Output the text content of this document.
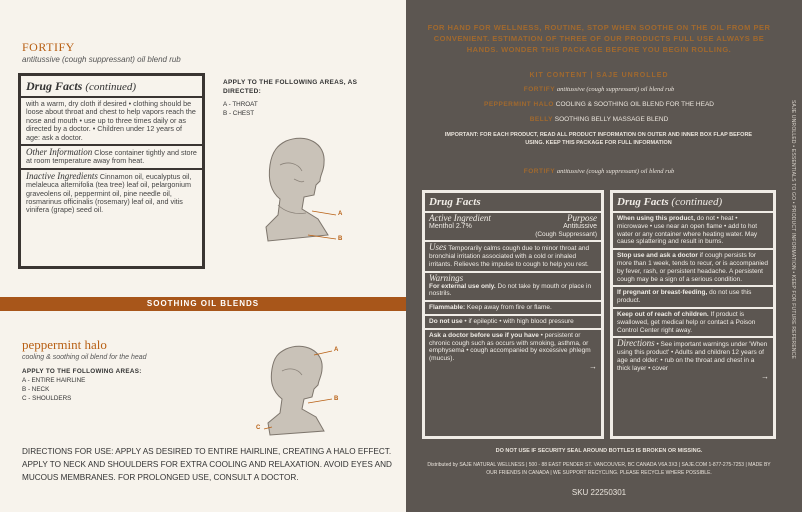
FORTIFY
antitussive (cough suppressant) oil blend rub
Drug Facts (continued)
with a warm, dry cloth if desired • clothing should be loose about throat and chest to help vapors reach the nose and mouth • use up to three times daily or as directed by a doctor. • Children under 12 years of age: ask a doctor.
Other Information Close container tightly and store at room temperature away from heat.
Inactive Ingredients Cinnamon oil, eucalyptus oil, melaleuca alternifolia (tea tree) leaf oil, pelargonium graveolens oil, peppermint oil, pine needle oil, rosmarinus officinalis (rosemary) leaf oil, and vitis vinifera (grape) seed oil.
APPLY TO THE FOLLOWING AREAS, AS DIRECTED:
A - THROAT
B - CHEST
A
B
SOOTHING OIL BLENDS
peppermint halo
cooling & soothing oil blend for the head
APPLY TO THE FOLLOWING AREAS:
A - ENTIRE HAIRLINE
B - NECK
C - SHOULDERS
A
B
C
DIRECTIONS FOR USE: APPLY AS DESIRED TO ENTIRE HAIRLINE, CREATING A HALO EFFECT. APPLY TO NECK AND SHOULDERS FOR EXTRA COOLING AND RELAXATION. AVOID EYES AND MUCOUS MEMBRANES. FOR PROLONGED USE, CONSULT A DOCTOR.
FOR HAND FOR WELLNESS, ROUTINE, STOP WHEN SOOTHE ON THE OIL FROM PER CONVENIENT. ESTIMATION OF THREE OF OUR PRODUCTS FULL USE ALWAYS BE HANDS. WONDER THIS PACKAGE BEFORE YOU BEGIN ROLLING.
KIT CONTENT | SAJE UNROLLED
FORTIFY antitussive (cough suppressant) oil blend rub
PEPPERMINT HALO COOLING & SOOTHING OIL BLEND FOR THE HEAD
BELLY SOOTHING BELLY MASSAGE BLEND
IMPORTANT: FOR EACH PRODUCT, READ ALL PRODUCT INFORMATION ON OUTER AND INNER BOX FLAP BEFORE USING. KEEP THIS PACKAGE FOR FULL INFORMATION
FORTIFY antitussive (cough suppressant) oil blend rub
Drug Facts
Active Ingredient	Purpose
Menthol 2.7%	Antitussive
(Cough Suppressant)
Uses Temporarily calms cough due to minor throat and bronchial irritation associated with a cold or inhaled irritants. Relieves the impulse to cough to help you rest.
Warnings
For external use only. Do not take by mouth or place in nostrils.
Flammable: Keep away from fire or flame.
Do not use • if epileptic • with high blood pressure
Ask a doctor before use if you have • persistent or chronic cough such as occurs with smoking, asthma, or emphysema • cough accompanied by excessive phlegm (mucus).
→
Drug Facts (continued)
When using this product, do not • heat • microwave • use near an open flame • add to hot water or any container where heating water. May cause splattering and result in burns.
Stop use and ask a doctor if cough persists for more than 1 week, tends to recur, or is accompanied by fever, rash, or persistent headache. A persistent cough may be a sign of a serious condition.
If pregnant or breast-feeding, do not use this product.
Keep out of reach of children. If product is swallowed, get medical help or contact a Poison Control Center right away.
Directions • See important warnings under 'When using this product' • Adults and children 12 years of age and older: • rub on the throat and chest in a thick layer • cover
→
DO NOT USE IF SECURITY SEAL AROUND BOTTLES IS BROKEN OR MISSING.
Distributed by SAJE NATURAL WELLNESS | 500 - 88 EAST PENDER ST. VANCOUVER, BC CANADA V6A 3X3 | SAJE.COM 1-877-275-7253 | MADE BY OUR FRIENDS IN CANADA | WE SUPPORT RECYCLING. PLEASE RECYCLE WHERE POSSIBLE.
SKU 22250301
SAJE UNROLLED • ESSENTIALS TO GO • PRODUCT INFORMATION • KEEP FOR FUTURE REFERENCE
